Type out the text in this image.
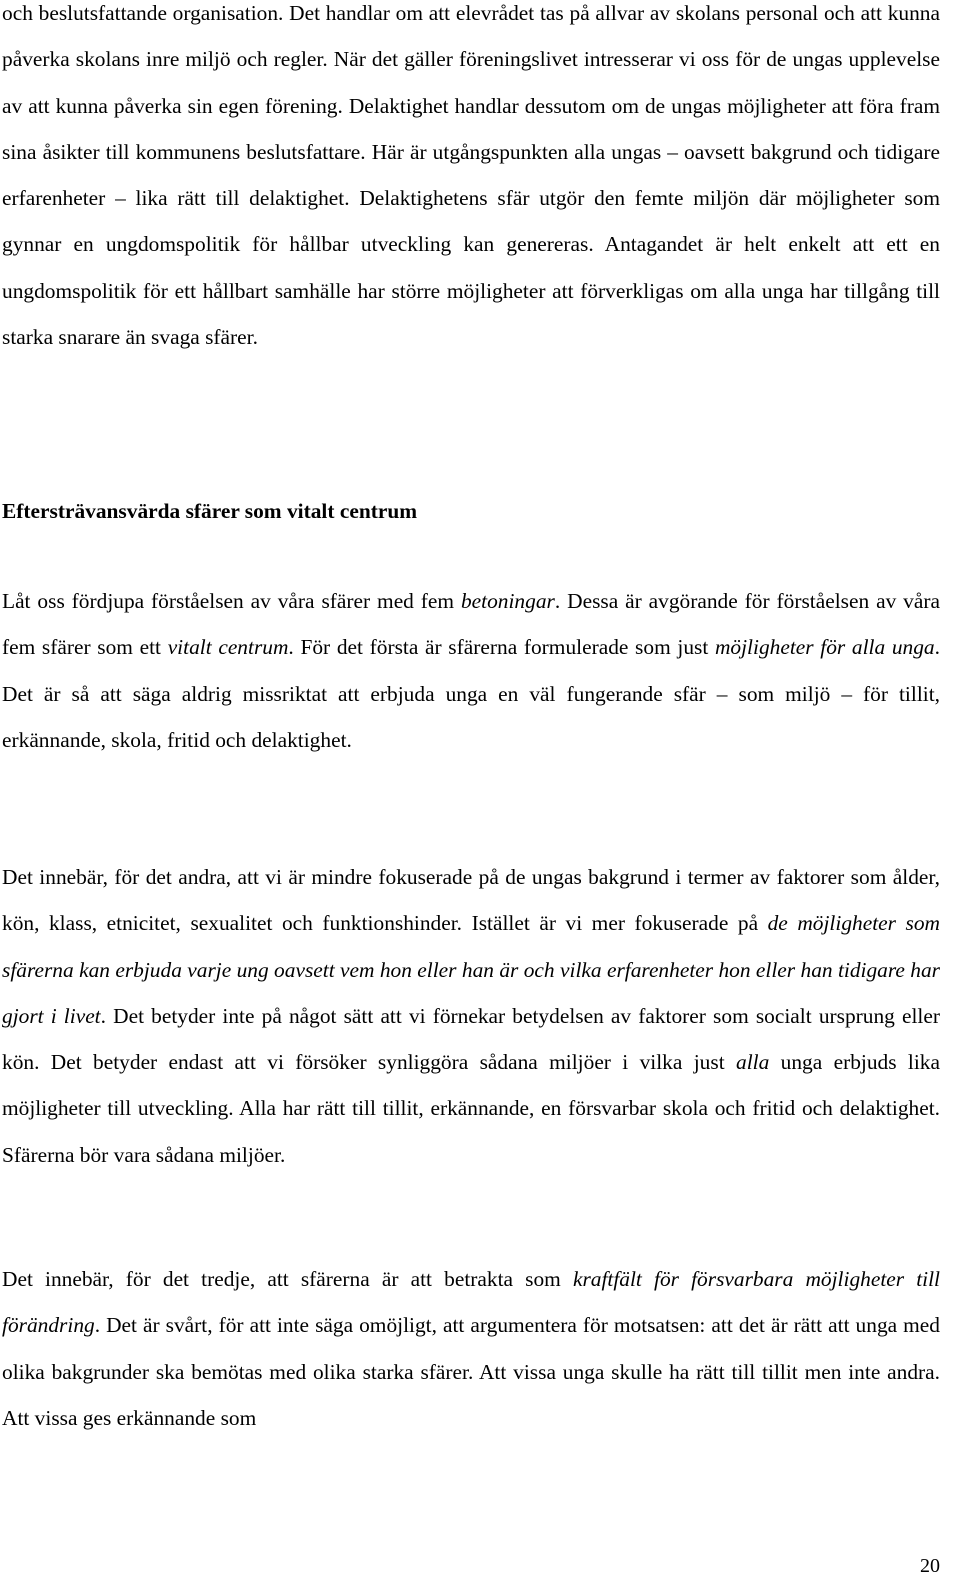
och beslutsfattande organisation. Det handlar om att elevrådet tas på allvar av skolans personal och att kunna påverka skolans inre miljö och regler. När det gäller föreningslivet intresserar vi oss för de ungas upplevelse av att kunna påverka sin egen förening. Delaktighet handlar dessutom om de ungas möjligheter att föra fram sina åsikter till kommunens beslutsfattare. Här är utgångspunkten alla ungas – oavsett bakgrund och tidigare erfarenheter – lika rätt till delaktighet. Delaktighetens sfär utgör den femte miljön där möjligheter som gynnar en ungdomspolitik för hållbar utveckling kan genereras. Antagandet är helt enkelt att ett en ungdomspolitik för ett hållbart samhälle har större möjligheter att förverkligas om alla unga har tillgång till starka snarare än svaga sfärer.

Eftersträvansvärda sfärer som vitalt centrum

Låt oss fördjupa förståelsen av våra sfärer med fem betoningar. Dessa är avgörande för förståelsen av våra fem sfärer som ett vitalt centrum. För det första är sfärerna formulerade som just möjligheter för alla unga. Det är så att säga aldrig missriktat att erbjuda unga en väl fungerande sfär – som miljö – för tillit, erkännande, skola, fritid och delaktighet.

Det innebär, för det andra, att vi är mindre fokuserade på de ungas bakgrund i termer av faktorer som ålder, kön, klass, etnicitet, sexualitet och funktionshinder. Istället är vi mer fokuserade på de möjligheter som sfärerna kan erbjuda varje ung oavsett vem hon eller han är och vilka erfarenheter hon eller han tidigare har gjort i livet. Det betyder inte på något sätt att vi förnekar betydelsen av faktorer som socialt ursprung eller kön. Det betyder endast att vi försöker synliggöra sådana miljöer i vilka just alla unga erbjuds lika möjligheter till utveckling. Alla har rätt till tillit, erkännande, en försvarbar skola och fritid och delaktighet. Sfärerna bör vara sådana miljöer.

Det innebär, för det tredje, att sfärerna är att betrakta som kraftfält för försvarbara möjligheter till förändring. Det är svårt, för att inte säga omöjligt, att argumentera för motsatsen: att det är rätt att unga med olika bakgrunder ska bemötas med olika starka sfärer. Att vissa unga skulle ha rätt till tillit men inte andra. Att vissa ges erkännande som

20
